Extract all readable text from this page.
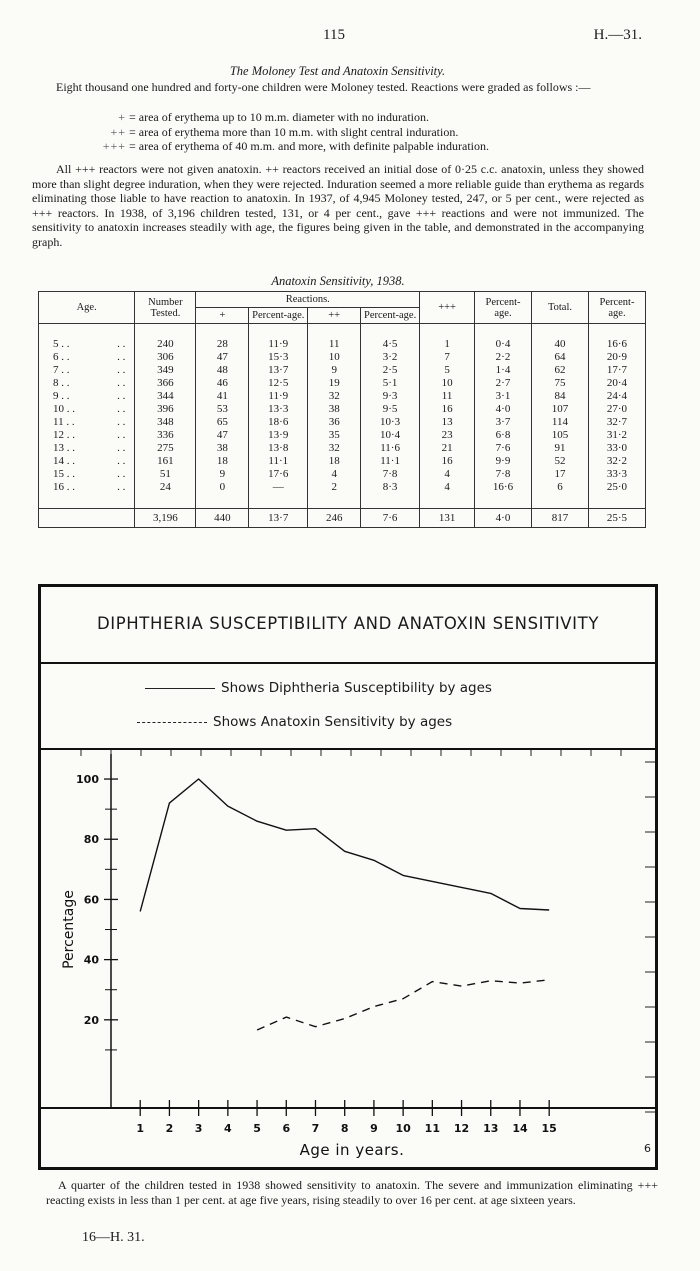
115	H.—31.
The Moloney Test and Anatoxin Sensitivity.
Eight thousand one hundred and forty-one children were Moloney tested. Reactions were graded as follows :—
+ = area of erythema up to 10 m.m. diameter with no induration.
++ = area of erythema more than 10 m.m. with slight central induration.
+++ = area of erythema of 40 m.m. and more, with definite palpable induration.
All +++ reactors were not given anatoxin. ++ reactors received an initial dose of 0·25 c.c. anatoxin, unless they showed more than slight degree induration, when they were rejected. Induration seemed a more reliable guide than erythema as regards eliminating those liable to have reaction to anatoxin. In 1937, of 4,945 Moloney tested, 247, or 5 per cent., were rejected as +++ reactors. In 1938, of 3,196 children tested, 131, or 4 per cent., gave +++ reactions and were not immunized. The sensitivity to anatoxin increases steadily with age, the figures being given in the table, and demonstrated in the accompanying graph.
Anatoxin Sensitivity, 1938.
Age.	Number Tested.	Reactions.				+++	Percent-age.	Total.	Percent-age.
		+	Percent-age.	++	Percent-age.				

5 . . . .	240	28	11·9	11	4·5	1	0·4	40	16·6
6 . . . .	306	47	15·3	10	3·2	7	2·2	64	20·9
7 . . . .	349	48	13·7	9	2·5	5	1·4	62	17·7
8 . . . .	366	46	12·5	19	5·1	10	2·7	75	20·4
9 . . . .	344	41	11·9	32	9·3	11	3·1	84	24·4
10 . . . .	396	53	13·3	38	9·5	16	4·0	107	27·0
11 . . . .	348	65	18·6	36	10·3	13	3·7	114	32·7
12 . . . .	336	47	13·9	35	10·4	23	6·8	105	31·2
13 . . . .	275	38	13·8	32	11·6	21	7·6	91	33·0
14 . . . .	161	18	11·1	18	11·1	16	9·9	52	32·2
15 . . . .	51	9	17·6	4	7·8	4	7·8	17	33·3
16 . . . .	24	0	—	2	8·3	4	16·6	6	25·0

	3,196	440	13·7	246	7·6	131	4·0	817	25·5
DIPHTHERIA SUSCEPTIBILITY AND ANATOXIN SENSITIVITY
Shows Diphtheria Susceptibility by ages
Shows Anatoxin Sensitivity by ages
20
40
60
80
100
1 2 3 4 5 6 7 8 9 10 11 12 13 14 15
Age in years.
Percentage
6
A quarter of the children tested in 1938 showed sensitivity to anatoxin. The severe and immunization eliminating +++ reacting exists in less than 1 per cent. at age five years, rising steadily to over 16 per cent. at age sixteen years.
16—H. 31.
